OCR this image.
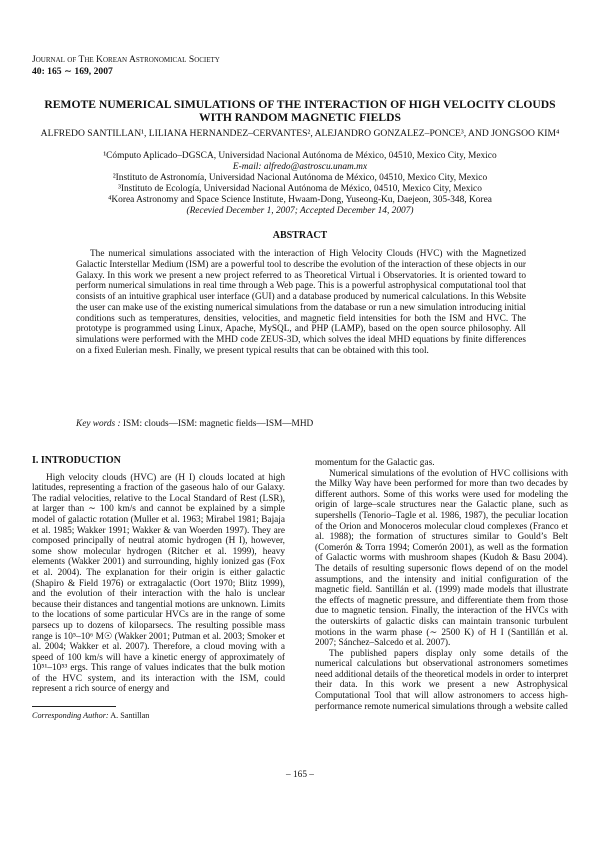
Journal of The Korean Astronomical Society
40: 165 ∼ 169, 2007
REMOTE NUMERICAL SIMULATIONS OF THE INTERACTION OF HIGH VELOCITY CLOUDS WITH RANDOM MAGNETIC FIELDS
ALFREDO SANTILLAN¹, LILIANA HERNANDEZ–CERVANTES², ALEJANDRO GONZALEZ–PONCE³, AND JONGSOO KIM⁴
¹Cómputo Aplicado–DGSCA, Universidad Nacional Autónoma de México, 04510, Mexico City, Mexico
E-mail: alfredo@astroscu.unam.mx
²Instituto de Astronomía, Universidad Nacional Autónoma de México, 04510, Mexico City, Mexico
³Instituto de Ecología, Universidad Nacional Autónoma de México, 04510, Mexico City, Mexico
⁴Korea Astronomy and Space Science Institute, Hwaam-Dong, Yuseong-Ku, Daejeon, 305-348, Korea
(Recevied December 1, 2007; Accepted December 14, 2007)
ABSTRACT
The numerical simulations associated with the interaction of High Velocity Clouds (HVC) with the Magnetized Galactic Interstellar Medium (ISM) are a powerful tool to describe the evolution of the interaction of these objects in our Galaxy. In this work we present a new project referred to as Theoretical Virtual i Observatories. It is oriented toward to perform numerical simulations in real time through a Web page. This is a powerful astrophysical computational tool that consists of an intuitive graphical user interface (GUI) and a database produced by numerical calculations. In this Website the user can make use of the existing numerical simulations from the database or run a new simulation introducing initial conditions such as temperatures, densities, velocities, and magnetic field intensities for both the ISM and HVC. The prototype is programmed using Linux, Apache, MySQL, and PHP (LAMP), based on the open source philosophy. All simulations were performed with the MHD code ZEUS-3D, which solves the ideal MHD equations by finite differences on a fixed Eulerian mesh. Finally, we present typical results that can be obtained with this tool.
Key words : ISM: clouds—ISM: magnetic fields—ISM—MHD
I. INTRODUCTION

High velocity clouds (HVC) are (H I) clouds located at high latitudes, representing a fraction of the gaseous halo of our Galaxy. The radial velocities, relative to the Local Standard of Rest (LSR), at larger than ∼ 100 km/s and cannot be explained by a simple model of galactic rotation (Muller et al. 1963; Mirabel 1981; Bajaja et al. 1985; Wakker 1991; Wakker & van Woerden 1997). They are composed principally of neutral atomic hydrogen (H I), however, some show molecular hydrogen (Ritcher et al. 1999), heavy elements (Wakker 2001) and surrounding, highly ionized gas (Fox et al. 2004). The explanation for their origin is either galactic (Shapiro & Field 1976) or extragalactic (Oort 1970; Blitz 1999), and the evolution of their interaction with the halo is unclear because their distances and tangential motions are unknown. Limits to the locations of some particular HVCs are in the range of some parsecs up to dozens of kiloparsecs. The resulting possible mass range is 10⁵–10⁶ M☉ (Wakker 2001; Putman et al. 2003; Smoker et al. 2004; Wakker et al. 2007). Therefore, a cloud moving with a speed of 100 km/s will have a kinetic energy of approximately of 10⁵¹–10⁵³ ergs. This range of values indicates that the bulk motion of the HVC system, and its interaction with the ISM, could represent a rich source of energy and

momentum for the Galactic gas.

Numerical simulations of the evolution of HVC collisions with the Milky Way have been performed for more than two decades by different authors. Some of this works were used for modeling the origin of large–scale structures near the Galactic plane, such as supershells (Tenorio–Tagle et al. 1986, 1987), the peculiar location of the Orion and Monoceros molecular cloud complexes (Franco et al. 1988); the formation of structures similar to Gould’s Belt (Comerón & Torra 1994; Comerón 2001), as well as the formation of Galactic worms with mushroom shapes (Kudoh & Basu 2004). The details of resulting supersonic flows depend of on the model assumptions, and the intensity and initial configuration of the magnetic field. Santillán et al. (1999) made models that illustrate the effects of magnetic pressure, and differentiate them from those due to magnetic tension. Finally, the interaction of the HVCs with the outerskirts of galactic disks can maintain transonic turbulent motions in the warm phase (∼ 2500 K) of H I (Santillán et al. 2007; Sánchez–Salcedo et al. 2007).

The published papers display only some details of the numerical calculations but observational astronomers sometimes need additional details of the theoretical models in order to interpret their data. In this work we present a new Astrophysical Computational Tool that will allow astronomers to access high-performance remote numerical simulations through a website called

Corresponding Author: A. Santillan
– 165 –
